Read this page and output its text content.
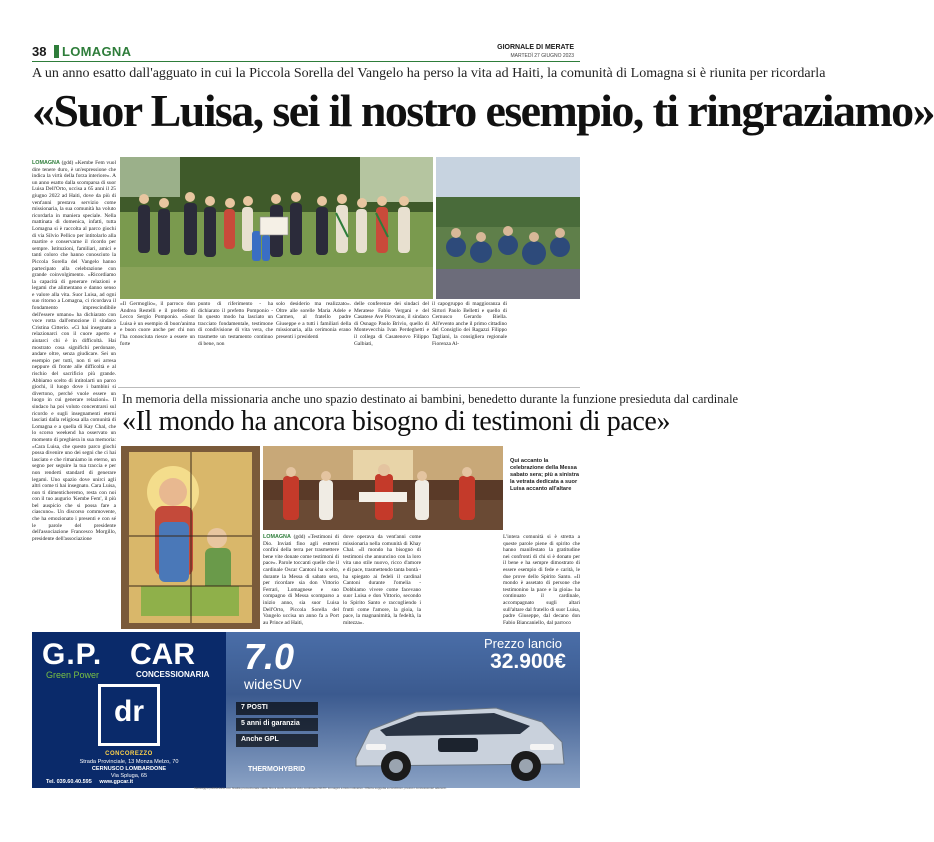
38 LOMAGNA	GIORNALE DI MERATE
MARTEDÌ 27 GIUGNO 2023
A un anno esatto dall'agguato in cui la Piccola Sorella del Vangelo ha perso la vita ad Haiti, la comunità di Lomagna si è riunita per ricordarla
«Suor Luisa, sei il nostro esempio, ti ringraziamo»
LOMAGNA (gdd) «Kembe Fem vuol dire tenere duro, è un'espressione che indica la virtù della forza interiore». A un anno esatto dalla scomparsa di suor Luisa Dell'Orto, uccisa a 65 anni il 25 giugno 2022 ad Haiti, dove da più di vent'anni prestava servizio come missionaria, la sua comunità ha voluto ricordarla in maniera speciale. Nella mattinata di domenica, infatti, tutta Lomagna si è raccolta al parco giochi di via Silvio Pellico per intitolarlo alla martire e conservarne il ricordo per sempre. Istituzioni, familiari, amici e tanti coloro che hanno conosciuto la Piccola Sorella del Vangelo hanno partecipato alla celebrazione con grande coinvolgimento. «Ricordiamo la capacità di generare relazioni e legami che alimentano e danno senso e valore alla vita. Suor Luisa, ad ogni suo ritorno a Lomagna, ci ricordava il fondamento imprescindibile dell'essere umano» ha dichiarato con voce rotta dall'emozione il sindaco Cristina Citterio. «Ci hai insegnato a relazionarci con il cuore aperto e aiutarci chi è in difficoltà. Hai mostrato cosa significhi perdonare, andare oltre, senza giudicare. Sei un esempio per tutti, non ti sei arresa neppure di fronte alle difficoltà e al rischio del sacrificio più grande. Abbiamo scelto di intitolarti un parco giochi, il luogo dove i bambini si divertono, perché vuole essere un luogo in cui generare relazioni». Il sindaco ha poi voluto concentrarsi sul ricordo e sugli insegnamenti eterni lasciati dalla religiosa alla comunità di Lomagna e a quella di Kay Chal, che lo scorso weekend ha osservato un momento di preghiera in sua memoria: «Cara Luisa, che questo parco giochi possa divenire uno dei segni che ci hai lasciato e che rimaniamo in eterno, un segno per seguire la tua traccia e per non renderti standard di generare legami. Uno spazio dove unirci agli altri come ti hai insegnato. Cara Luisa, non ti dimenticheremo, resta con noi con il tuo augurio 'Kembe Fem', il più bel auspicio che si possa fare a ciascuno». Un discorso commovente, che ha emozionato i presenti e con sé le parole del presidente dell'associazione Francesco Morgillo, presidente dell'associazione
«Il Germoglio», il parroco don Andrea Restelli e il prefetto di Lecco Sergio Pomponio. «Suor Luisa è un esempio di buon'anima e buon cuore anche per chi non l'ha conosciuta riesce a essere un forte
punto di riferimento - ha dichiarato il prefetto Pomponio - In questo modo ha lasciato un tracciato fondamentale, testimone di condivisione di vita vera, che trasmette un testamento continuo di bene, non
solo desiderio ma realizzato». Oltre alle sorelle Maria Adele e Carmen, al fratello padre Giuseppe e a tutti i familiari della missionaria, alla cerimonia erano presenti i presidenti
delle conferenze dei sindaci del Meratese Fabio Vergani e del Casatese Ave Pirovano, il sindaco di Osnago Paolo Brivio, quello di Montevecchia Ivan Perdeghetti e il collega di Casatenovo Filippo Galbiati,
il capogruppo di maggioranza di Sirtori Paolo Belletti e quello di Cernusco Gerardo Biella. All'evento anche il primo cittadino del Consiglio dei Ragazzi Filippo Tagliani, la consigliera regionale Fiorenza Al-
In memoria della missionaria anche uno spazio destinato ai bambini, benedetto durante la funzione presieduta dal cardinale
«Il mondo ha ancora bisogno di testimoni di pace»
Qui accanto la celebrazione della Messa sabato sera; più a sinistra la vetrata dedicata a suor Luisa accanto all'altare
LOMAGNA (gdd) «Testimoni di Dio. Inviati fino agli estremi confini della terra per trasmettere bene vite donate come testimoni di pace». Parole toccanti quelle che il cardinale Oscar Cantoni ha scelto, durante la Messa di sabato sera, per ricordare sia don Vittorio Ferrari, Lomagnese e suo compagno di Messa scomparso a inizio anno, sia suor Luisa Dell'Orto, Piccola Sorella del Vangelo uccisa un anno fa a Port au Prince ad Haiti,
dove operava da vent'anni come missionaria nella comunità di Khay Chal. «Il mondo ha bisogno di testimoni che annuncino con la loro vita uno stile nuovo, ricco d'amore e di pace, trasmettendo tanta bontà - ha spiegato ai fedeli il cardinal Cantoni durante l'omelia - Dobbiamo vivere come facevano suor Luisa e don Vittorio, secondo lo Spirito Santo e raccogliendo i frutti come l'amore, la gioia, la pace, la magnanimità, la fedeltà, la mitezza».
L'intera comunità si è stretta a queste parole piene di spirito che hanno manifestato la gratitudine nei confronti di chi si è donato per il bene e ha sempre dimostrato di essere esempio di fede e carità, le due prove dello Spirito Santo. «Il mondo è assetato di persone che testimonino la pace e la gioia» ha continuato il cardinale, accompagnato sugli altari sull'altare dal fratello di suor Luisa, padre Giuseppe, dal decano don Fabio Biancaniello, dal parroco
G.P. CAR
Green Power	CONCESSIONARIA
dr
CONCOREZZO
Strada Provinciale, 13 Monza Melzo, 70
CERNUSCO LOMBARDONE
Via Spluga, 65
Tel. 039.60.40.595 www.gpcar.it
7.0
wideSUV
Prezzo lancio
32.900€
7 POSTI
5 anni di garanzia
Anche GPL
THERMOHYBRID
Messaggio pubblicitario con finalità promozionale valido fino a stock consumi ciclo combinato WLTP. Immagini a titolo indicativo. Offerta soggetta a condizioni, presso i concessionari aderenti.
